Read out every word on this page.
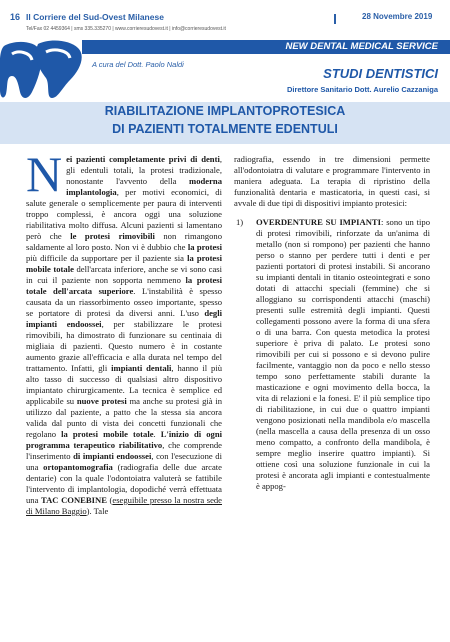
16 Il Corriere del Sud-Ovest Milanese
Tel/Fax 02 4459364 | sms 335.335270 | www.corrieresudovest.it | info@corrieresudovest.it
28 Novembre 2019
NEW DENTAL MEDICAL SERVICE
A cura del Dott. Paolo Naldi
STUDI DENTISTICI
Direttore Sanitario Dott. Aurelio Cazzaniga
RIABILITAZIONE IMPLANTOPROTESICA
DI PAZIENTI TOTALMENTE EDENTULI
N ei pazienti completamente privi di denti, gli edentuli totali, la protesi tradizionale, nonostante l'avvento della moderna implantologia, per motivi economici, di salute generale o semplicemente per paura di interventi troppo complessi, è ancora oggi una soluzione riabilitativa molto diffusa. Alcuni pazienti si lamentano però che le protesi rimovibili non rimangono saldamente al loro posto. Non vi è dubbio che la protesi più difficile da supportare per il paziente sia la protesi mobile totale dell'arcata inferiore, anche se vi sono casi in cui il paziente non sopporta nemmeno la protesi totale dell'arcata superiore. L'instabilità è spesso causata da un riassorbimento osseo importante, spesso se portatore di protesi da diversi anni. L'uso degli impianti endoossei, per stabilizzare le protesi rimovibili, ha dimostrato di funzionare su centinaia di migliaia di pazienti. Questo numero è in costante aumento grazie all'efficacia e alla durata nel tempo del trattamento. Infatti, gli impianti dentali, hanno il più alto tasso di successo di qualsiasi altro dispositivo impiantato chirurgicamente. La tecnica è semplice ed applicabile su nuove protesi ma anche su protesi già in utilizzo dal paziente, a patto che la stessa sia ancora valida dal punto di vista dei concetti funzionali che regolano la protesi mobile totale. L'inizio di ogni programma terapeutico riabilitativo, che comprende l'inserimento di impianti endoossei, con l'esecuzione di una ortopantomografia (radiografia delle due arcate dentarie) con la quale l'odontoiatra valuterà se fattibile l'intervento di implantologia, dopodiché verrà effettuata una TAC CONEBINE (eseguibile presso la nostra sede di Milano Baggio). Tale

radiografia, essendo in tre dimensioni permette all'odontoiatra di valutare e programmare l'intervento in maniera adeguata. La terapia di ripristino della funzionalità dentaria e masticatoria, in questi casi, si avvale di due tipi di dispositivi impianto protesici:

1) OVERDENTURE SU IMPIANTI: sono un tipo di protesi rimovibili, rinforzate da un'anima di metallo (non si rompono) per pazienti che hanno perso o stanno per perdere tutti i denti e per pazienti portatori di protesi instabili. Si ancorano su impianti dentali in titanio osteointegrati e sono dotati di attacchi speciali (femmine) che si alloggiano su corrispondenti attacchi (maschi) presenti sulle estremità degli impianti. Questi collegamenti possono avere la forma di una sfera o di una barra. Con questa metodica la protesi superiore è priva di palato. Le protesi sono rimovibili per cui si possono e si devono pulire facilmente, vantaggio non da poco e nello stesso tempo sono perfettamente stabili durante la masticazione e ogni movimento della bocca, la vita di relazioni e la fonesi. E' il più semplice tipo di riabilitazione, in cui due o quattro impianti vengono posizionati nella mandibola e/o mascella (nella mascella a causa della presenza di un osso meno compatto, a confronto della mandibola, è sempre meglio inserire quattro impianti). Si ottiene così una soluzione funzionale in cui la protesi è ancorata agli impianti e contestualmente è appog-
